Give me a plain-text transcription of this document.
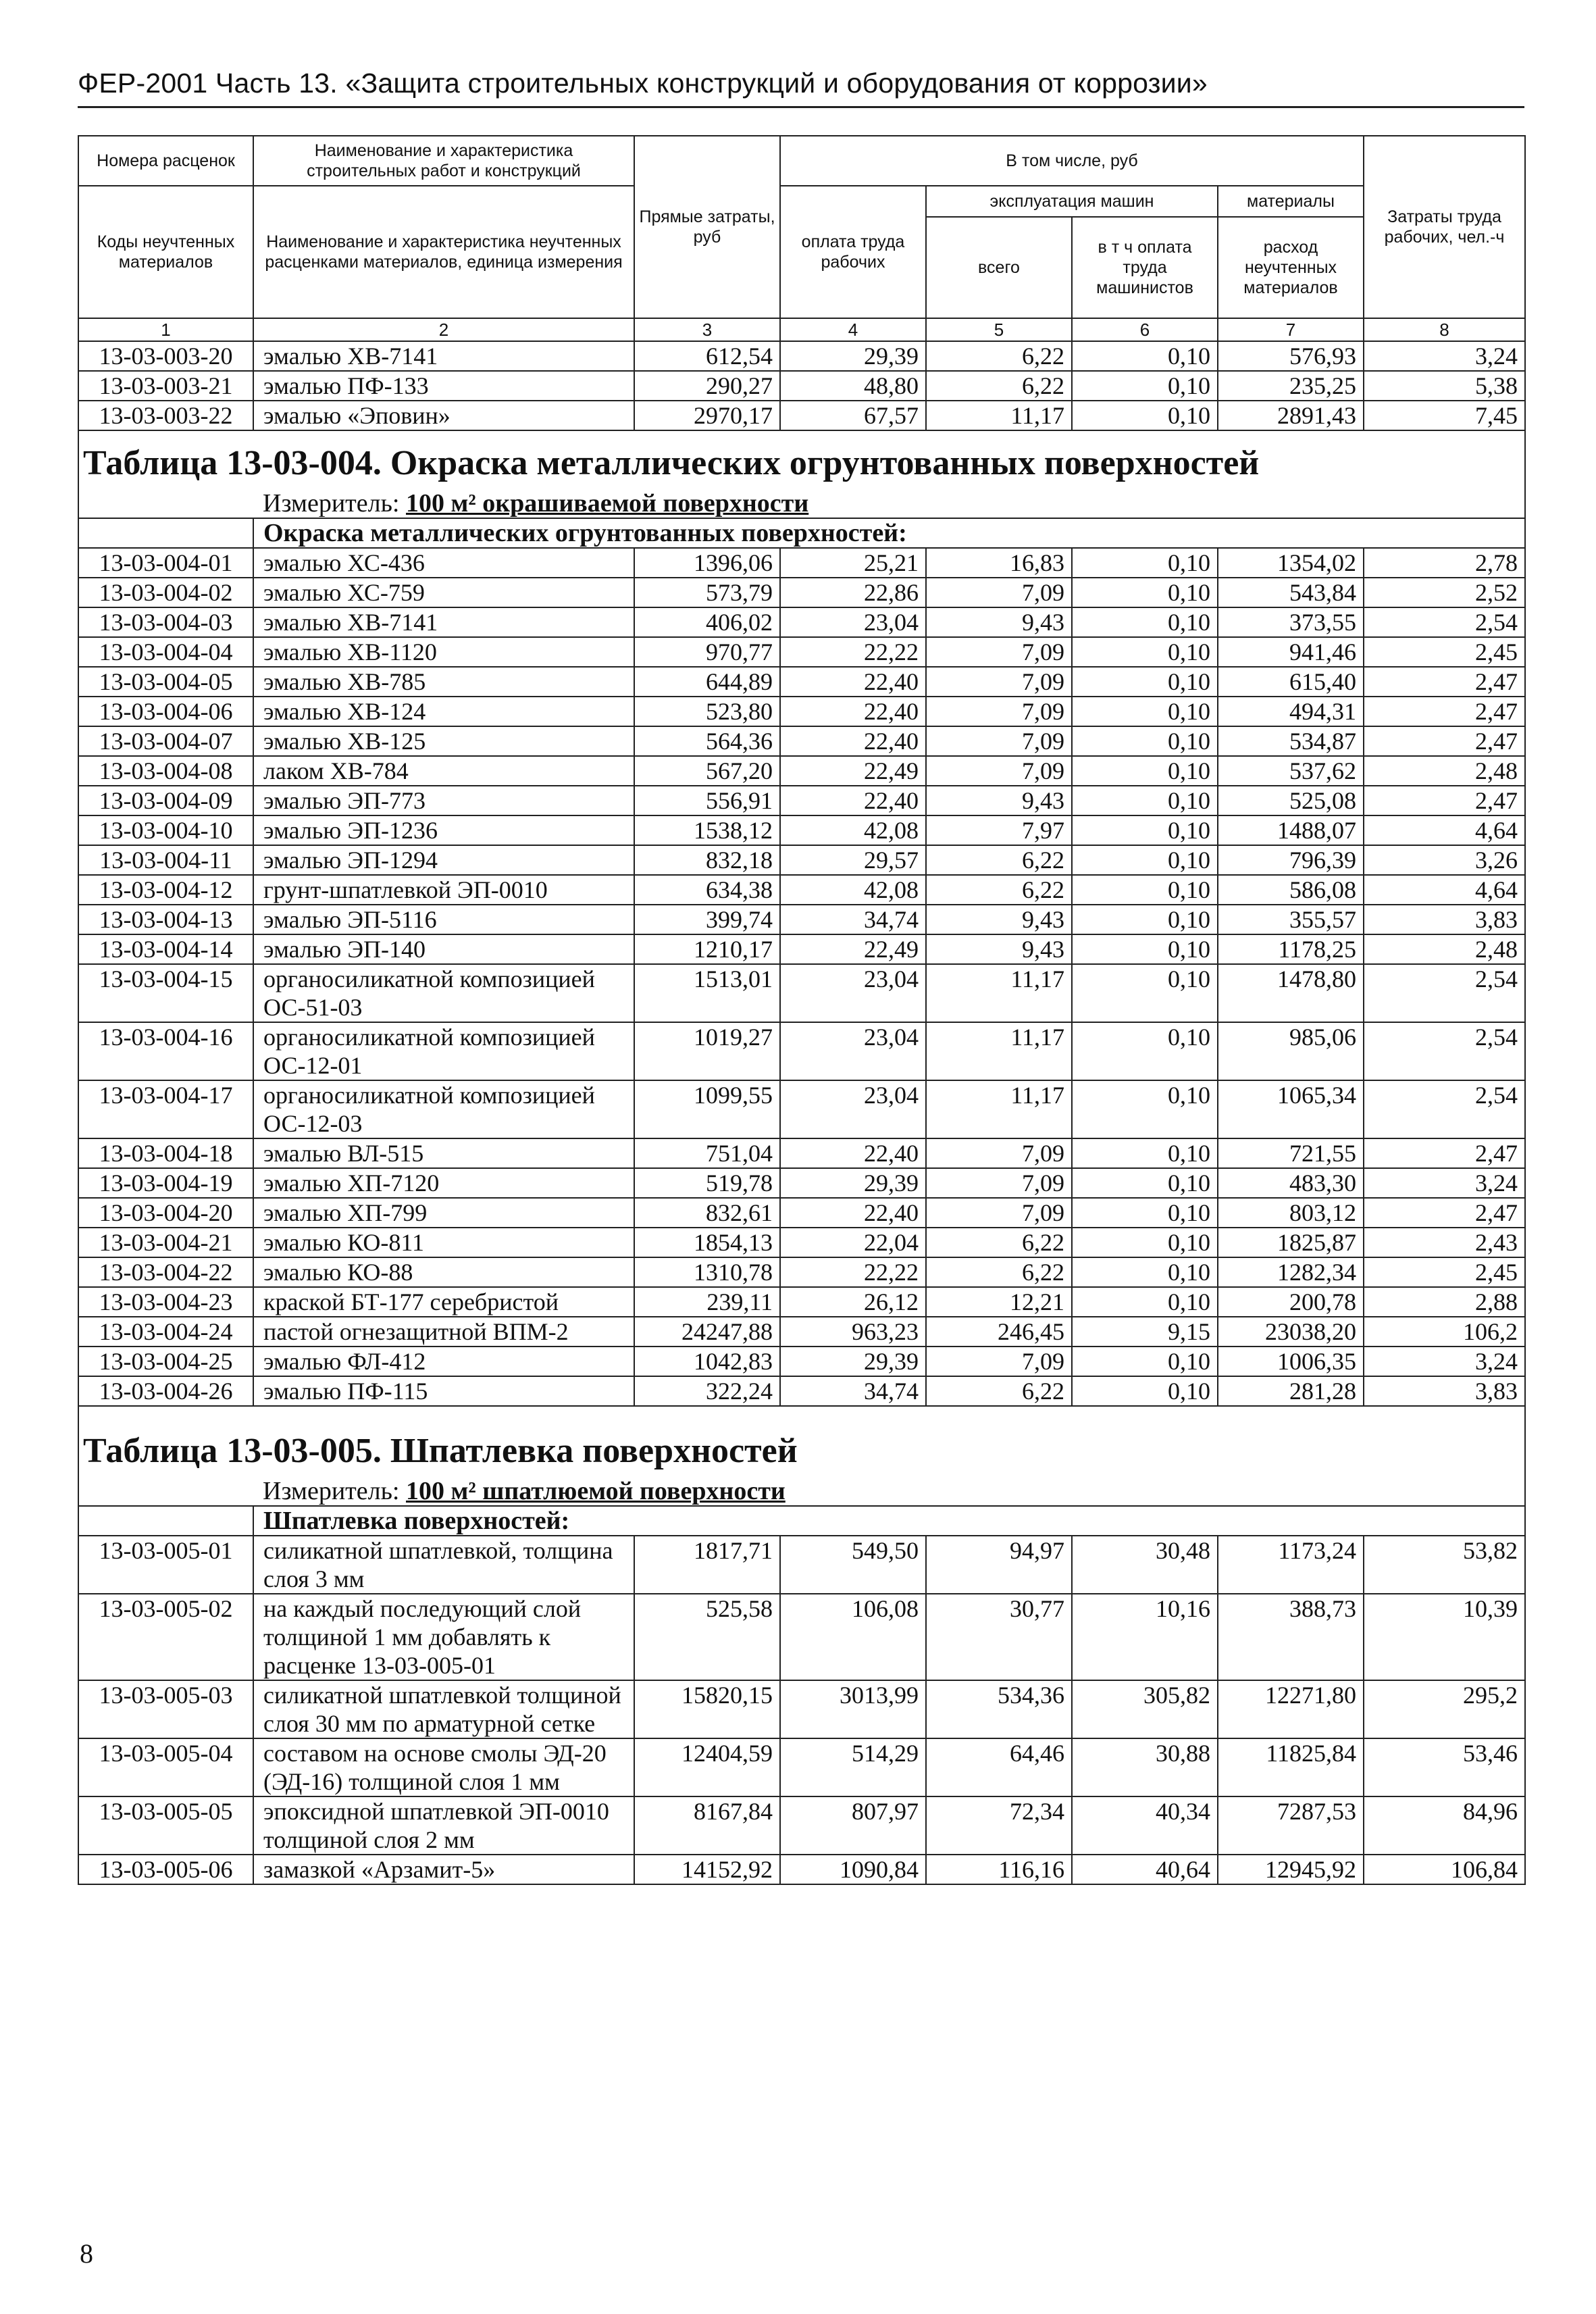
ФЕР-2001 Часть 13. «Защита строительных конструкций и оборудования от коррозии»
Номера расценок	Наименование и характеристика строительных работ и конструкций	Прямые затраты, руб	В том числе, руб				Затраты труда рабочих, чел.-ч
Коды неучтенных материалов	Наименование и характеристика неучтенных расценками материалов, единица измерения		оплата труда рабочих	эксплуатация машин		материалы	

				всего	в т ч оплата труда машинистов	расход неучтенных материалов	
1	2	3	4	5	6	7	8
13-03-003-20	эмалью ХВ-7141	612,54	29,39	6,22	0,10	576,93	3,24
13-03-003-21	эмалью ПФ-133	290,27	48,80	6,22	0,10	235,25	5,38
13-03-003-22	эмалью «Эповин»	2970,17	67,57	11,17	0,10	2891,43	7,45
Таблица 13-03-004. Окраска металлических огрунтованных поверхностей							
	Измеритель: 100 м² окрашиваемой поверхности						
	Окраска металлических огрунтованных поверхностей:						
13-03-004-01	эмалью ХС-436	1396,06	25,21	16,83	0,10	1354,02	2,78
13-03-004-02	эмалью ХС-759	573,79	22,86	7,09	0,10	543,84	2,52
13-03-004-03	эмалью ХВ-7141	406,02	23,04	9,43	0,10	373,55	2,54
13-03-004-04	эмалью ХВ-1120	970,77	22,22	7,09	0,10	941,46	2,45
13-03-004-05	эмалью ХВ-785	644,89	22,40	7,09	0,10	615,40	2,47
13-03-004-06	эмалью ХВ-124	523,80	22,40	7,09	0,10	494,31	2,47
13-03-004-07	эмалью ХВ-125	564,36	22,40	7,09	0,10	534,87	2,47
13-03-004-08	лаком ХВ-784	567,20	22,49	7,09	0,10	537,62	2,48
13-03-004-09	эмалью ЭП-773	556,91	22,40	9,43	0,10	525,08	2,47
13-03-004-10	эмалью ЭП-1236	1538,12	42,08	7,97	0,10	1488,07	4,64
13-03-004-11	эмалью ЭП-1294	832,18	29,57	6,22	0,10	796,39	3,26
13-03-004-12	грунт-шпатлевкой ЭП-0010	634,38	42,08	6,22	0,10	586,08	4,64
13-03-004-13	эмалью ЭП-5116	399,74	34,74	9,43	0,10	355,57	3,83
13-03-004-14	эмалью ЭП-140	1210,17	22,49	9,43	0,10	1178,25	2,48
13-03-004-15	органосиликатной композицией ОС-51-03	1513,01	23,04	11,17	0,10	1478,80	2,54
13-03-004-16	органосиликатной композицией ОС-12-01	1019,27	23,04	11,17	0,10	985,06	2,54
13-03-004-17	органосиликатной композицией ОС-12-03	1099,55	23,04	11,17	0,10	1065,34	2,54
13-03-004-18	эмалью ВЛ-515	751,04	22,40	7,09	0,10	721,55	2,47
13-03-004-19	эмалью ХП-7120	519,78	29,39	7,09	0,10	483,30	3,24
13-03-004-20	эмалью ХП-799	832,61	22,40	7,09	0,10	803,12	2,47
13-03-004-21	эмалью КО-811	1854,13	22,04	6,22	0,10	1825,87	2,43
13-03-004-22	эмалью КО-88	1310,78	22,22	6,22	0,10	1282,34	2,45
13-03-004-23	краской БТ-177 серебристой	239,11	26,12	12,21	0,10	200,78	2,88
13-03-004-24	пастой огнезащитной ВПМ-2	24247,88	963,23	246,45	9,15	23038,20	106,2
13-03-004-25	эмалью ФЛ-412	1042,83	29,39	7,09	0,10	1006,35	3,24
13-03-004-26	эмалью ПФ-115	322,24	34,74	6,22	0,10	281,28	3,83
Таблица 13-03-005. Шпатлевка поверхностей							
	Измеритель: 100 м² шпатлюемой поверхности						
	Шпатлевка поверхностей:						
13-03-005-01	силикатной шпатлевкой, толщина слоя 3 мм	1817,71	549,50	94,97	30,48	1173,24	53,82
13-03-005-02	на каждый последующий слой толщиной 1 мм добавлять к расценке 13-03-005-01	525,58	106,08	30,77	10,16	388,73	10,39
13-03-005-03	силикатной шпатлевкой толщиной слоя 30 мм по арматурной сетке	15820,15	3013,99	534,36	305,82	12271,80	295,2
13-03-005-04	составом на основе смолы ЭД-20 (ЭД-16) толщиной слоя 1 мм	12404,59	514,29	64,46	30,88	11825,84	53,46
13-03-005-05	эпоксидной шпатлевкой ЭП-0010 толщиной слоя 2 мм	8167,84	807,97	72,34	40,34	7287,53	84,96
13-03-005-06	замазкой «Арзамит-5»	14152,92	1090,84	116,16	40,64	12945,92	106,84
8
